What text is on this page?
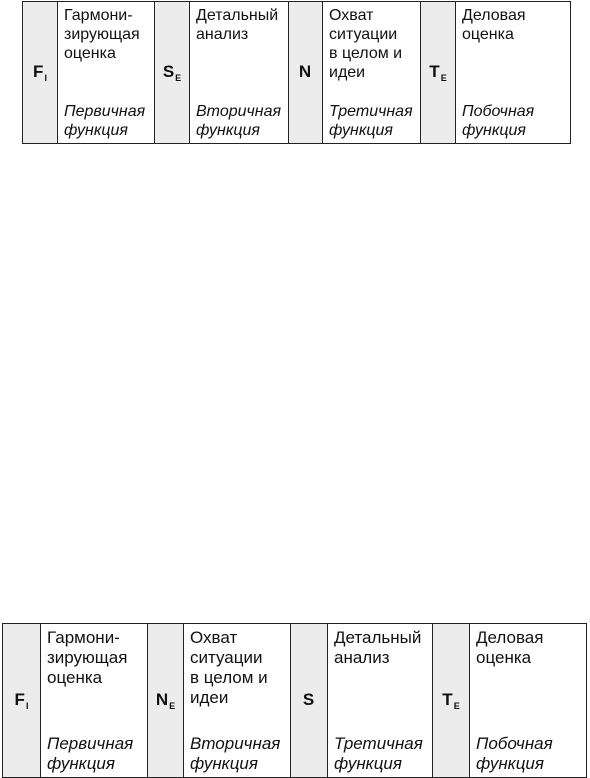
$F_I$	
Гармони-
зирующая
оценка
Первичная
функция
	$S_E$	
Детальный
анализ
Вторичная
функция
	N	
Охват
ситуации
в целом и
идеи
Третичная
функция
	$T_E$	
Деловая
оценка
Побочная
функция
$F_I$	
Гармони-
зирующая
оценка
Первичная
функция
	$N_E$	
Охват
ситуации
в целом и
идеи
Вторичная
функция
	S	
Детальный
анализ
Третичная
функция
	$T_E$	
Деловая
оценка
Побочная
функция
